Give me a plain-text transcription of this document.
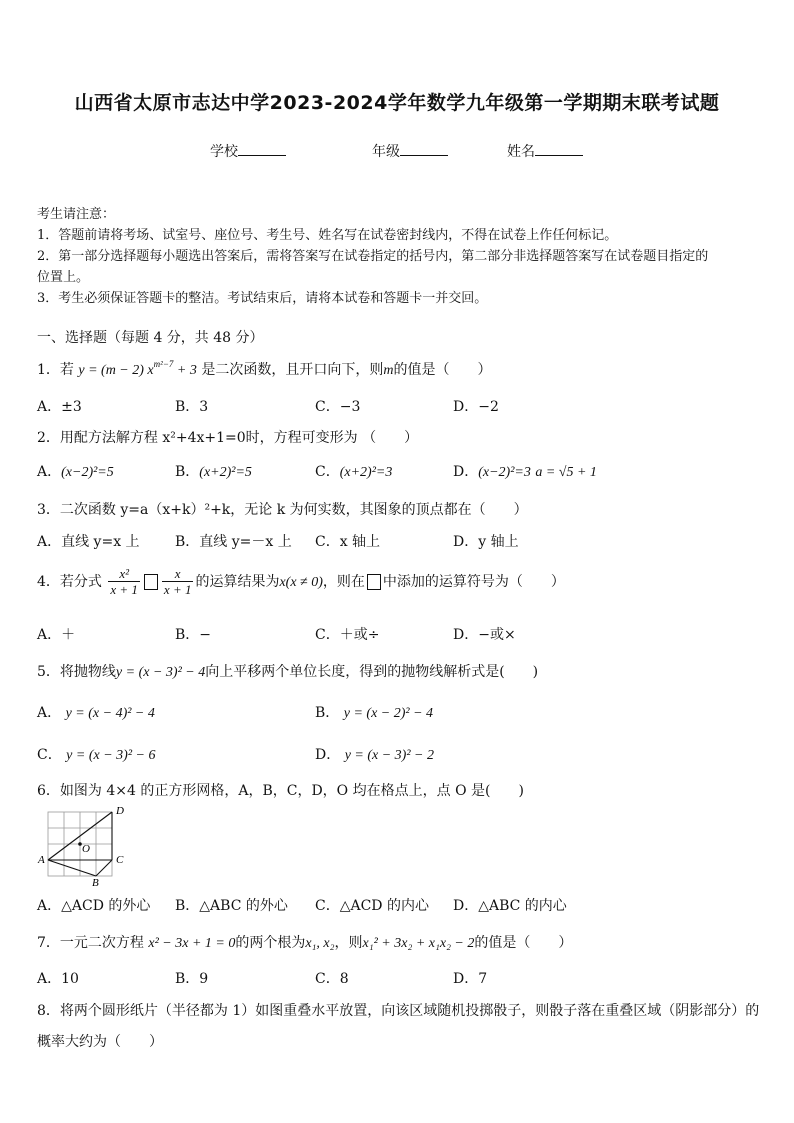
山西省太原市志达中学2023-2024学年数学九年级第一学期期末联考试题
学校	年级	姓名
考生请注意：
1．答题前请将考场、试室号、座位号、考生号、姓名写在试卷密封线内，不得在试卷上作任何标记。
2．第一部分选择题每小题选出答案后，需将答案写在试卷指定的括号内，第二部分非选择题答案写在试卷题目指定的
位置上。
3．考生必须保证答题卡的整洁。考试结束后，请将本试卷和答题卡一并交回。
一、选择题（每题 4 分，共 48 分）
1．若 y = (m − 2) $x^{m^2-7} + 3$ 是二次函数，且开口向下，则m的值是（　　）
A．±3	B．3	C．−3	D．−2
2．用配方法解方程 x²+4x+1=0时，方程可变形为 （　　）
A．(x−2)²=5	B．(x+2)²=5	C．(x+2)²=3	D．(x−2)²=3 a = √5 + 1
3．二次函数 y=a（x+k）²+k，无论 k 为何实数，其图象的顶点都在（　　）
A．直线 y=x 上	B．直线 y=－x 上 C．x 轴上	D．y 轴上
4．若分式 $\frac{\text{x²}}{x + 1} \frac{x}{x + 1}$ 的运算结果为x(x ≠ 0)，则在 中添加的运算符号为（　　）
A．＋	B．−	C．＋或÷	D．−或×
5．将抛物线y = (x − 3)² − 4向上平移两个单位长度，得到的抛物线解析式是(　　)
A． y = (x − 4)² − 4	B． y = (x − 2)² − 4
C． y = (x − 3)² − 6	D． y = (x − 3)² − 2
6．如图为 4×4 的正方形网格，A，B，C，D，O 均在格点上，点 O 是(　　)
A
B
C
D
O
A．△ACD 的外心 B．△ABC 的外心 C．△ACD 的内心 D．△ABC 的内心
7．一元二次方程 x² − 3x + 1 = 0的两个根为x₁, x₂，则x₁² + 3x₂ + x₁x₂ − 2的值是（　　）
A．10	B．9	C．8	D．7
8．将两个圆形纸片（半径都为 1）如图重叠水平放置，向该区域随机投掷骰子，则骰子落在重叠区域（阴影部分）的
概率大约为（　　）
